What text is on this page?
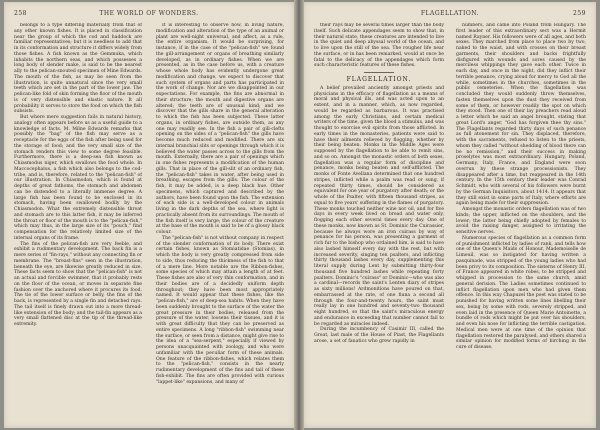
258	THE WORLD OF WONDERS.

belongs to a type differing materially from that of any other known fishes. It is placed in classification near the group of which the cod and haddock are familiar representatives; but it is needless to add that in its conformation and structure it differs widely from those fishes. A fish known as the Gemmuka, which inhabits the northern seas, and which possesses a long body of slender make, is said to be the nearest ally to the pelican-snouted specimen of Mine Edwards. The mouth of the fish, as may be seen from the illustration, is quite unnatural since the very small teeth which are set in the part of the lower jaw. The pelican-like fold of skin forming the floor of the mouth is of very distensible and elastic nature. It all probability it serves to store the food on which the fish subsists.

But where mere suggestion fails in natural history, analogy often appears before us as a useful guide to a knowledge of facts. M. Milne Edwards remarks that possibly the "bag" of the fish may serve as a receptacle for the eggs of the fish after being used for the storage of food; and the very small size of the stomach renders this view to some degree feasible. Furthermore, there is a deep-sea fish known as Chiasmodus niger, which swallows the food whole. In Maccocephalus, a fish which also belongs to the cod-tribe, and is, therefore, related to the "pelican-fish" of our illustration. In Chiasmodon, which is found at depths of great fathoms, the stomach and abdomen can be distended to a literally immense degree. A large fish has been found to be enclosed in its stomach, having been swallowed bodily by the Chiasmodon. What the extremely distensible throat and stomach are to this latter fish, it may be inferred the throat or floor of the mouth is to the "pelican-fish," which may thus, in the large size of its "pouch," find compensation for the relatively limited size of the internal organs of its frame.

The fins of the pelican-fish are very feeble, and exhibit a rudimentary development. The back fin is a mere series of "fin-rays," without any connecting fin or membrane. The "breast-fins" seen in the illustration, beneath the eye, are likewise greatly reduced in size. These facts seem to show that the "pelican-fish" is not an actual and forcible swimmer, that it probably rests on the floor of the ocean, or moves in separate fine fashion over the anchored where it procures its food. The tie of the lower surface or belly, the fins of the back, is represented by a single fin and detached rays. The tail itself is finely drawn out into a more thread-like extension of the body; and the tail-fin appears as a very small flattened disc at the tip of the thread-like extremity.

It is interesting to observe how, in living nature, modification and alteration of the type of an animal or plant are well-night universal, and affect, as a rule, the entire organism. It would be surprising, for instance, if in the case of the "pelican-fish" we found the gill-arrangement or organs of breathing similarly developed, as in ordinary fishes. When we are presented, as in the case before us, with a creature whose whole body has evidently undergone great modification and change, we expect to discover that such system of organs and parts has participated in the work of change. Nor are we disappointed in our expectations. For example, the fins are abnormal in their structure; the mouth and digestive organs are altered; the teeth are of unusual kind; and we discover that the gills share in the general alteration to which the fish has been subjected. These latter organs, in ordinary fishes, are outside them, as any one may readily see. In the fish a pair of gill-clefts opening on the sides of a "pelican-fish" the gills have become much reduced and modified. There are six internal branchial slits or openings through which it is believed the water passes across to the gills from the mouth. Externally, there are a pair of openings which in one fishes represents a modification of the human gills. That in place of the gill-slit of an ordinary fish, the "pelican-fish" takes in water, after being used in breathing, escapes from the gills. The colour of the fish, it may be added, is a deep black hue. Other specimens, which captured and described by the authors, have been found upon the fish. The extension of each side is a well-developed colour in animals living in the dark depths of the sea, where light is practically absent from its surroundings. The mouth of the fish itself is very large; the colour of the creature at the base of the mouth is said to be of a glossy black colour.

The "pelican-fish" is not without company in respect of the slender conformation of its body. There exist certain fishes, known as Stomiatidae (Stomias), in which the body is very greatly compressed from side to side, thus reducing the thickness of the fish to that of a mere line. More notable are the Ribbon-fishes, some species of which may attain a length of at feet. These fishes are also of very thin conformation, and in their bodies are of a decidedly uniform depth throughout; they have been most appropriately named. It would appear that these fishes, like the "pelican-fish," are of deep-sea habits. When they have been suddenly brought to the surface of the water the great pressure in their bodies, released from the pressure of the water, loosens their tissues, and it is with great difficulty that they can be preserved as entire specimens. A long "ribbon-fish" swimming near the surface, or seen from a distance, might give rise to the idea of a "sea-serpent," especially if viewed by persons unacquainted with zoology, and who were unfamiliar with the peculiar form of these animals. One feature of the ribbon-fishes, which relates them to the "pelican-fish," consists in the nearly rudimentary development of the fins and tail of these fish-exhibit. The fins are often provided with curious "lappet-like" expansions, and many of

FLAGELLATION.	259

their rays may be several times larger than the body itself. Such delicate appendages seem to show that, in their natural state, these creatures are intended to live in the quiet and deep abyssal world of the ocean, and to live upon the still of the sea. The rougher life near the surface, or in has been remarked, would at once be fatal to the delicacy of the appendages which form such characteristic features of these fishes.

FLAGELLATION.

A belief prevailed anciently amongst priests and physicians in the efficacy of flagellation as a means of moral and physical ills, and was acted upon to an extent, and in a manner, which, as now regarded, would be regarded as barbarous. It was practised among the early Christians, and certain medical writers of the time, given the blood a stimulus, and was thought to exorcise evil spirits from those afflicted. In early times in the monasteries, patients were said to have their ailments relieved by flogging, whether by their being beaten. Monks in the Middle Ages were supposed by the flagellation to be able to remit sins, and so on. Amongst the monastic orders of both sexes, flagellation was a regular form of discipline and penance, monks being beaten and self-afflicted. The monks of Fonte Avellana determined that one hundred stripes, inflicted while a psalm was read or sung, if repeated thirty times, should be considered as equivalent for one year of purgatory after death; or the whole of the Psalter, with fifteen thousand stripes, as equal to five years' suffering in the flames of purgatory. These monks touched neither wine nor oil, and for five days in every week lived on bread and water only, flogging each other several times every day. One of these monks, now known as St. Dominic the Cuirassier, because he always wore an iron cuirass by way of penance for his person, was presenting a garment of rich fur to the bishop who ordained him, is said to have also lashed himself every day with the rest, but with increased severity, singing ten psalters, and inflicting thirty thousand lashes every day, supplementing this literal supply during Lent by submitting thirty-four thousand five hundred lashes while repeating forty psalters. Dominic's "cuirass" or Dominic—who was also a cardinal—records the saint's Lenten diary of stripes as sixty millions! Ardmonitions have poured on that, embarrassed at the rate, of one fiuna a second all through the four-and-twenty hours, the saint must really lay in one hundred and seventy-two thousand eight hundred, so that the saint's miraculous energy and endurance in exceeding that number cannot fail to be regarded as miracles indeed.

During the incumbency of Casimir III, called the Great, last male of the House of Piast, the Flagellants arose, a set of fanatics who grew rapidly in

numbers, and came into Poland from Hungary. The first leader of this extraordinary sect was a Hermit named Rayner. His followers were of all ages, and both sexes. They marched from place to place two by two, naked to the waist, and with crosses on their breast garments, their shoulders and backs frightfully disfigured with wounds and sores caused by the merciless whippings they gave each other. Twice in each day, and once in the night, did they inflict their terrible penance, crying aloud for mercy to God all the while, sometimes in the churches, sometimes in the public cemeteries. When the flagellation was concluded they would suddenly throw themselves, fasten themselves upon the dust they received from some of them, or however readily the spot on which they stood. Then one of their lay preachers read aloud a letter which he said an angel brought, stating that great Lord's anger, "God has forgiven thee thy sins." The Flagellants regarded thirty days of such penance as full atonement for sin. They displaced, therefore, with the sacraments, refused to listen to the priests, whom they called "without shedding of blood there can be no remission," and their success in making proselytes was most extraordinary. Hungary, Poland, Germany, Italy, France, and England were soon overrun by these strange processionists. They disappeared after a time, but reappeared in the 14th century. In the 15th century their leader was Conrad Schmidt, who with several of his followers were burnt by the German Inquisitors, about 1414. It appears that they still exist in some parts of Italy, where efforts are again being made for their suppression.

Amongst the monastic orders flagellation was of two kinds; the upper, inflicted on the shoulders, and the lower; the latter being chiefly adopted by females to avoid the raising danger, assigned to irritating the sensitive nerves.

Numerous species of flagellation as a common form of punishment inflicted by ladies of rank, and tells how one of the Queen's Maids of Honour, Mademoiselle de Limeuil, was so instigated for having written a pasquinade, was stripped of the young ladies who had been privy to its composition. The sisterns of Henry III. of France appeared in white robes, to be stripped and whipped in procession to the same church, amid general derision. The Ladies sometimes continued to inflict flagellation upon men who had given them offence. In this way Chapuzel the poet was stated to be punished for having written some lines libelling their sex, being by some with rods, severely stripped, and even laid in the presence of Queen Marie Antoinette, a bundle of rods which might be put over his shoulders, and even his nose for inflicting the terrible castigation. Medical men were at one time of the opinion that flagellation restored the paralysed, and others shared a similar opinion for modified forms of birching in the cure of disease.
